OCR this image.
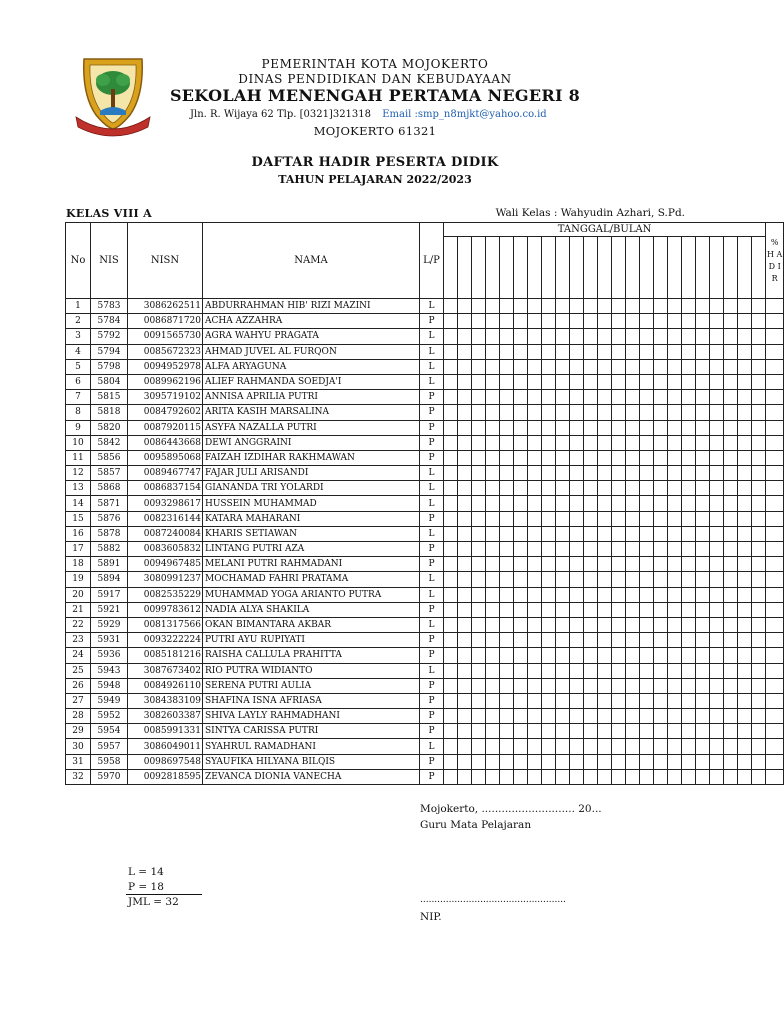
PEMERINTAH KOTA MOJOKERTO
DINAS PENDIDIKAN DAN KEBUDAYAAN
SEKOLAH MENENGAH PERTAMA NEGERI 8
Jln. R. Wijaya 62 Tlp. [0321]321318 Email :smp_n8mjkt@yahoo.co.id
MOJOKERTO 61321
DAFTAR HADIR PESERTA DIDIK
TAHUN PELAJARAN 2022/2023
KELAS VIII A	Wali Kelas : Wahyudin Azhari, S.Pd.
No	NIS	NISN	NAMA	L/P	TANGGAL/BULAN																							% H A D I R

1	5783	3086262511	ABDURRAHMAN HIB' RIZI MAZINI	L																								
2	5784	0086871720	ACHA AZZAHRA	P																								
3	5792	0091565730	AGRA WAHYU PRAGATA	L																								
4	5794	0085672323	AHMAD JUVEL AL FURQON	L																								
5	5798	0094952978	ALFA ARYAGUNA	L																								
6	5804	0089962196	ALIEF RAHMANDA SOEDJA'I	L																								
7	5815	3095719102	ANNISA APRILIA PUTRI	P																								
8	5818	0084792602	ARITA KASIH MARSALINA	P																								
9	5820	0087920115	ASYFA NAZALLA PUTRI	P																								
10	5842	0086443668	DEWI ANGGRAINI	P																								
11	5856	0095895068	FAIZAH IZDIHAR RAKHMAWAN	P																								
12	5857	0089467747	FAJAR JULI ARISANDI	L																								
13	5868	0086837154	GIANANDA TRI YOLARDI	L																								
14	5871	0093298617	HUSSEIN MUHAMMAD	L																								
15	5876	0082316144	KATARA MAHARANI	P																								
16	5878	0087240084	KHARIS SETIAWAN	L																								
17	5882	0083605832	LINTANG PUTRI AZA	P																								
18	5891	0094967485	MELANI PUTRI RAHMADANI	P																								
19	5894	3080991237	MOCHAMAD FAHRI PRATAMA	L																								
20	5917	0082535229	MUHAMMAD YOGA ARIANTO PUTRA	L																								
21	5921	0099783612	NADIA ALYA SHAKILA	P																								
22	5929	0081317566	OKAN BIMANTARA AKBAR	L																								
23	5931	0093222224	PUTRI AYU RUPIYATI	P																								
24	5936	0085181216	RAISHA CALLULA PRAHITTA	P																								
25	5943	3087673402	RIO PUTRA WIDIANTO	L																								
26	5948	0084926110	SERENA PUTRI AULIA	P																								
27	5949	3084383109	SHAFINA ISNA AFRIASA	P																								
28	5952	3082603387	SHIVA LAYLY RAHMADHANI	P																								
29	5954	0085991331	SINTYA CARISSA PUTRI	P																								
30	5957	3086049011	SYAHRUL RAMADHANI	L																								
31	5958	0098697548	SYAUFIKA HILYANA BILQIS	P																								
32	5970	0092818595	ZEVANCA DIONIA VANECHA	P																								
Mojokerto, ............................ 20...
Guru Mata Pelajaran
...................................................
NIP.
L = 14
P = 18
JML = 32
